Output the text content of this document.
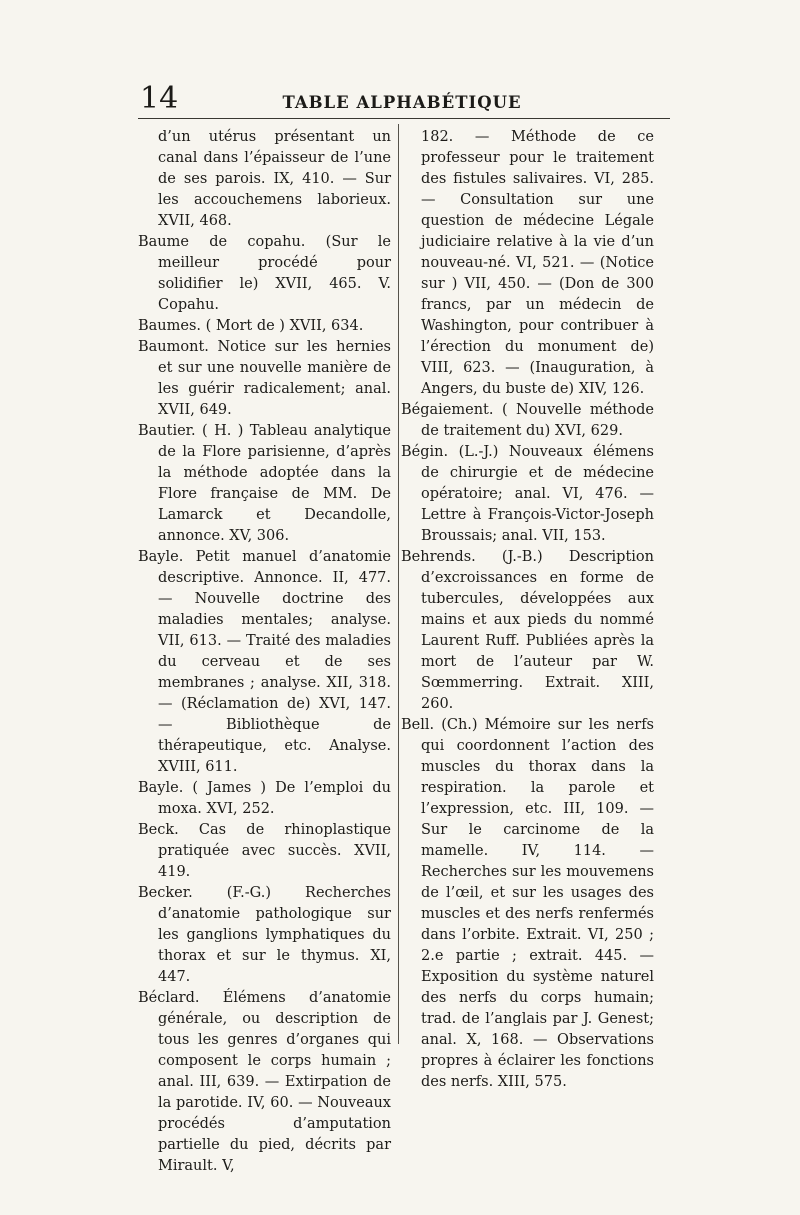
14	TABLE ALPHABÉTIQUE

d’un utérus présentant un canal dans l’épaisseur de l’une de ses parois. IX, 410. — Sur les accouchemens laborieux. XVII, 468.

Baume de copahu. (Sur le meilleur procédé pour solidifier le) XVII, 465. V. Copahu.

Baumes. ( Mort de ) XVII, 634.

Baumont. Notice sur les hernies et sur une nouvelle manière de les guérir radicalement; anal. XVII, 649.

Bautier. ( H. ) Tableau analytique de la Flore parisienne, d’après la méthode adoptée dans la Flore française de MM. De Lamarck et Decandolle, annonce. XV, 306.

Bayle. Petit manuel d’anatomie descriptive. Annonce. II, 477. — Nouvelle doctrine des maladies mentales; analyse. VII, 613. — Traité des maladies du cerveau et de ses membranes ; analyse. XII, 318. — (Réclamation de) XVI, 147. — Bibliothèque de thérapeutique, etc. Analyse. XVIII, 611.

Bayle. ( James ) De l’emploi du moxa. XVI, 252.

Beck. Cas de rhinoplastique pratiquée avec succès. XVII, 419.

Becker. (F.-G.) Recherches d’anatomie pathologique sur les ganglions lymphatiques du thorax et sur le thymus. XI, 447.

Béclard. Élémens d’anatomie générale, ou description de tous les genres d’organes qui composent le corps humain ; anal. III, 639. — Extirpation de la parotide. IV, 60. — Nouveaux procédés d’amputation partielle du pied, décrits par Mirault. V,

182. — Méthode de ce professeur pour le traitement des fistules salivaires. VI, 285. — Consultation sur une question de médecine Légale judiciaire relative à la vie d’un nouveau-né. VI, 521. — (Notice sur ) VII, 450. — (Don de 300 francs, par un médecin de Washington, pour contribuer à l’érection du monument de) VIII, 623. — (Inauguration, à Angers, du buste de) XIV, 126.

Bégaiement. ( Nouvelle méthode de traitement du) XVI, 629.

Bégin. (L.-J.) Nouveaux élémens de chirurgie et de médecine opératoire; anal. VI, 476. — Lettre à François-Victor-Joseph Broussais; anal. VII, 153.

Behrends. (J.-B.) Description d’excroissances en forme de tubercules, développées aux mains et aux pieds du nommé Laurent Ruff. Publiées après la mort de l’auteur par W. Sœmmerring. Extrait. XIII, 260.

Bell. (Ch.) Mémoire sur les nerfs qui coordonnent l’action des muscles du thorax dans la respiration. la parole et l’expression, etc. III, 109. — Sur le carcinome de la mamelle. IV, 114. — Recherches sur les mouvemens de l’œil, et sur les usages des muscles et des nerfs renfermés dans l’orbite. Extrait. VI, 250 ; 2.e partie ; extrait. 445. — Exposition du système naturel des nerfs du corps humain; trad. de l’anglais par J. Genest; anal. X, 168. — Observations propres à éclairer les fonctions des nerfs. XIII, 575.
